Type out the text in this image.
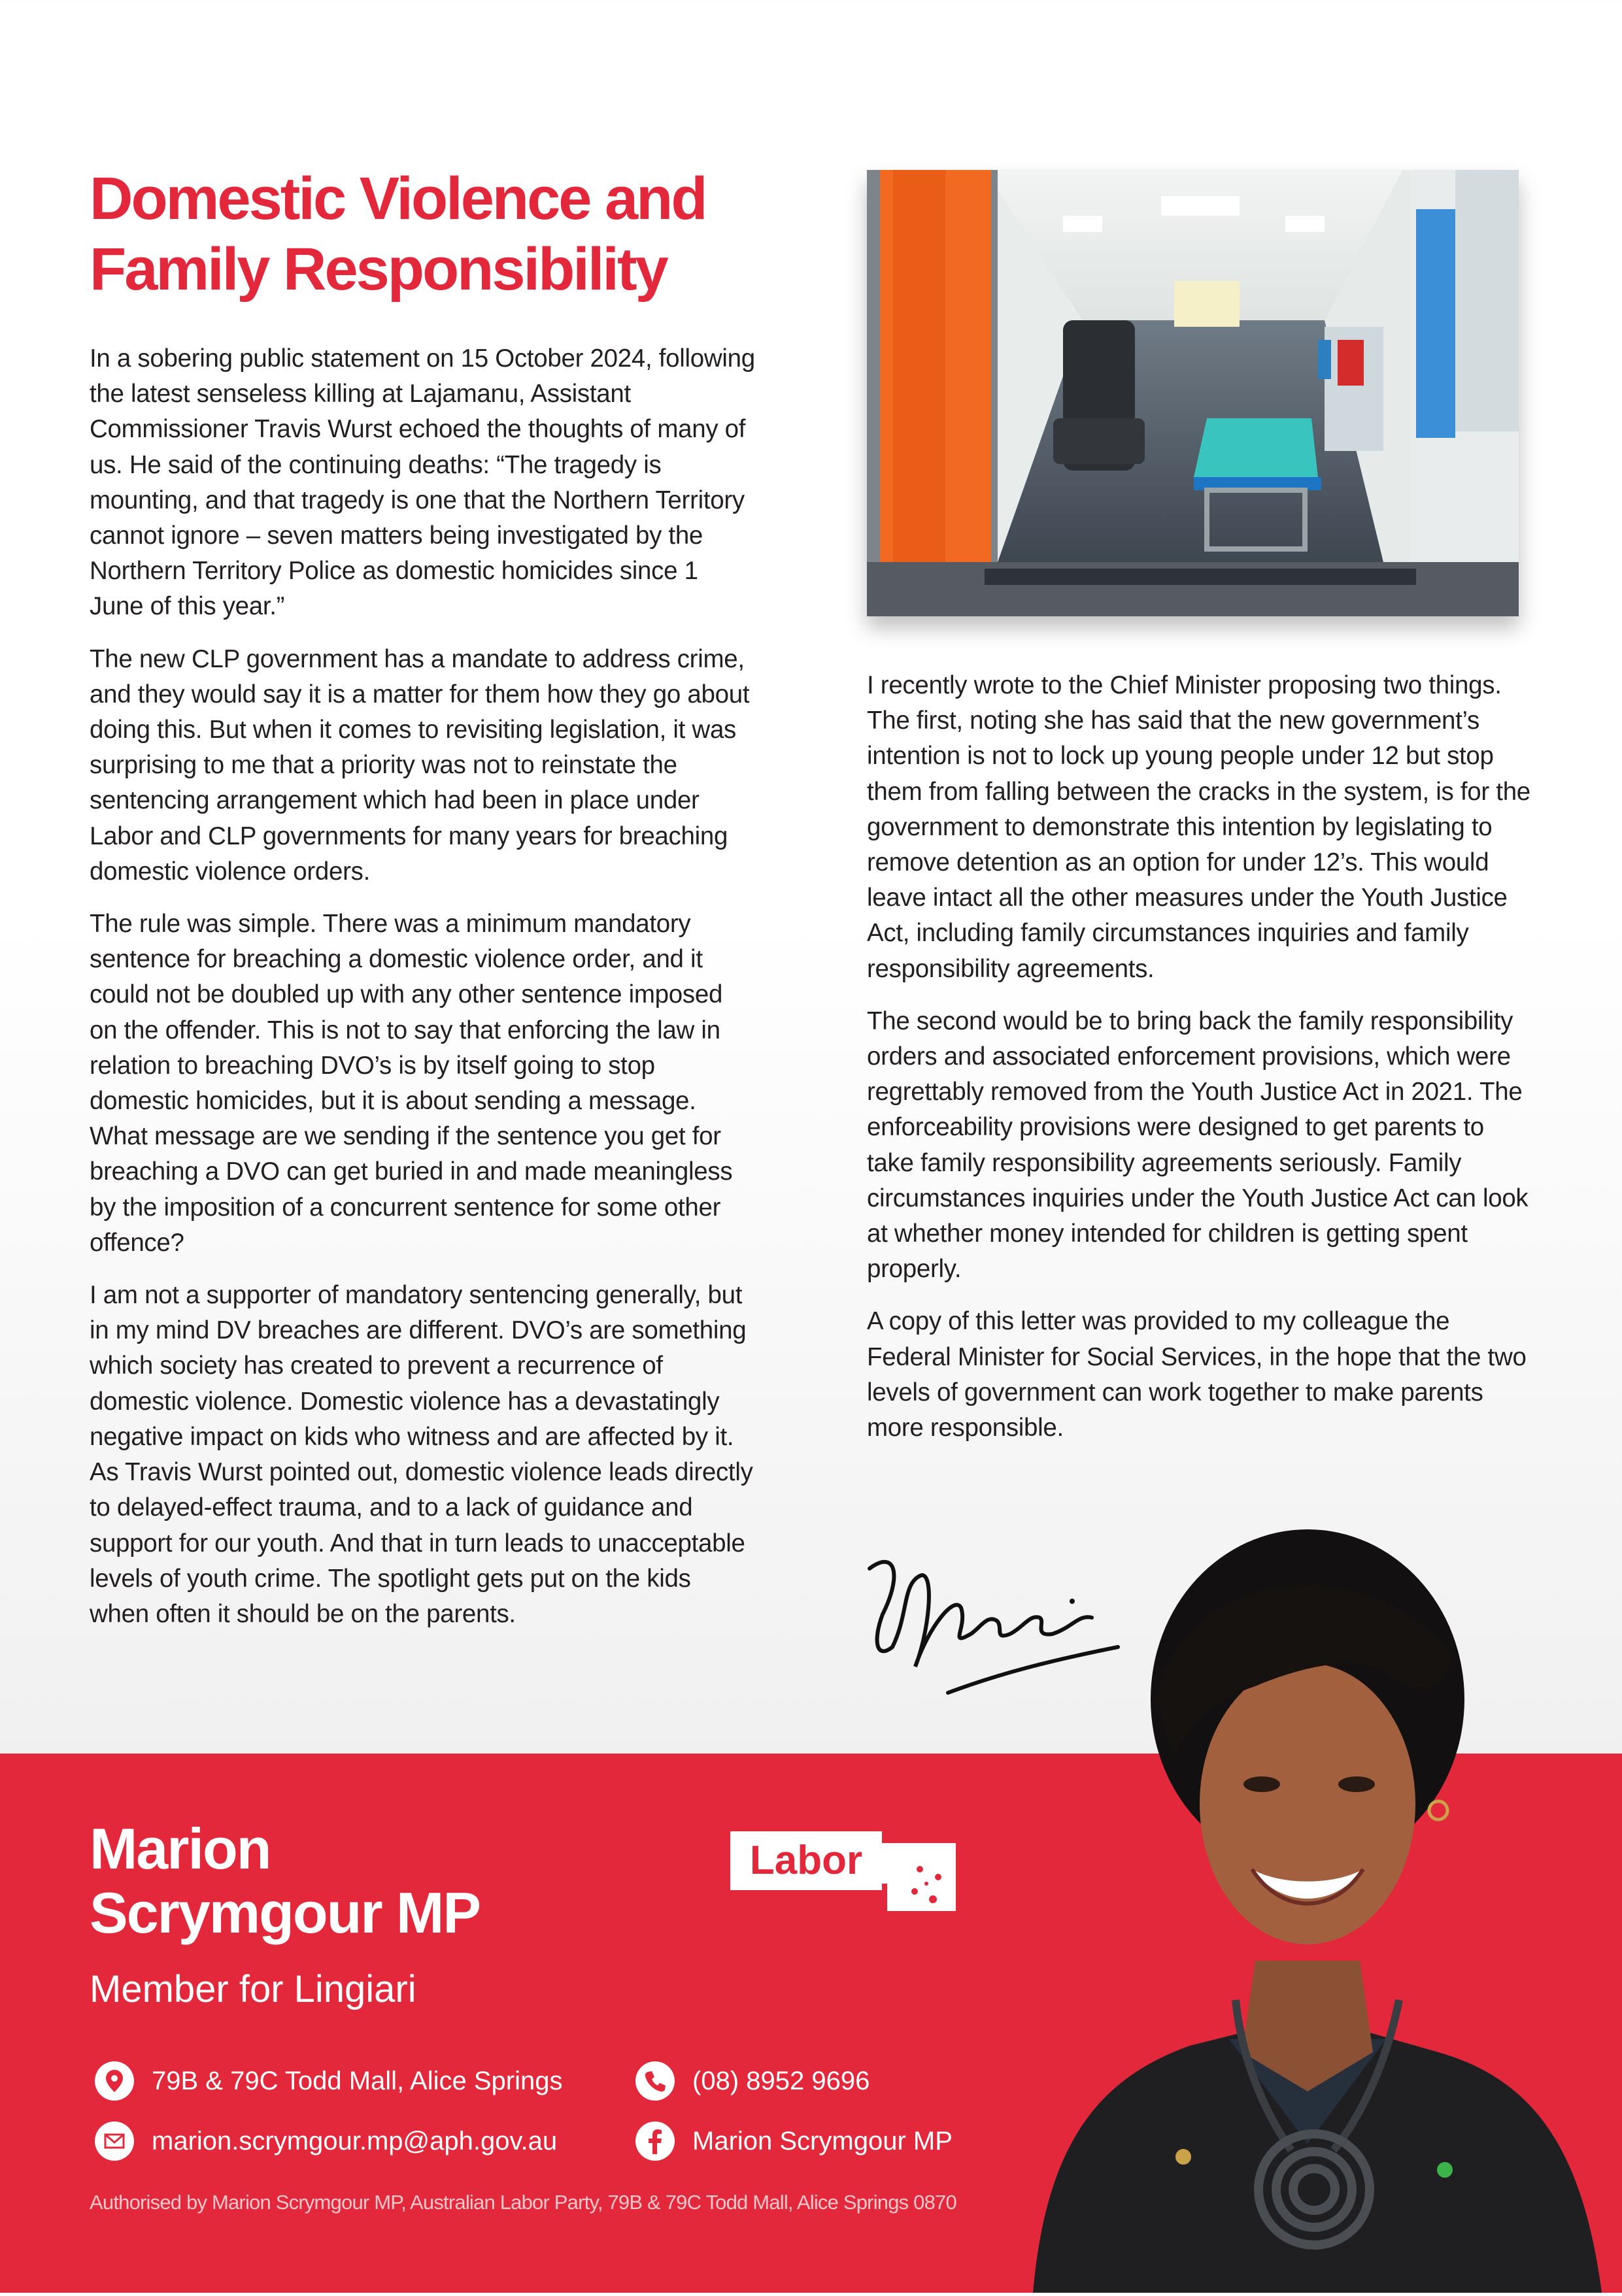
Domestic Violence and
Family Responsibility

In a sobering public statement on 15 October 2024, following the latest senseless killing at Lajamanu, Assistant Commissioner Travis Wurst echoed the thoughts of many of us. He said of the continuing deaths: “The tragedy is mounting, and that tragedy is one that the Northern Territory cannot ignore – seven matters being investigated by the Northern Territory Police as domestic homicides since 1 June of this year.”

The new CLP government has a mandate to address crime, and they would say it is a matter for them how they go about doing this. But when it comes to revisiting legislation, it was surprising to me that a priority was not to reinstate the sentencing arrangement which had been in place under Labor and CLP governments for many years for breaching domestic violence orders.

The rule was simple. There was a minimum mandatory sentence for breaching a domestic violence order, and it could not be doubled up with any other sentence imposed on the offender. This is not to say that enforcing the law in relation to breaching DVO’s is by itself going to stop domestic homicides, but it is about sending a message. What message are we sending if the sentence you get for breaching a DVO can get buried in and made meaningless by the imposition of a concurrent sentence for some other offence?

I am not a supporter of mandatory sentencing generally, but in my mind DV breaches are different. DVO’s are something which society has created to prevent a recurrence of domestic violence. Domestic violence has a devastatingly negative impact on kids who witness and are affected by it. As Travis Wurst pointed out, domestic violence leads directly to delayed-effect trauma, and to a lack of guidance and support for our youth. And that in turn leads to unacceptable levels of youth crime. The spotlight gets put on the kids when often it should be on the parents.

I recently wrote to the Chief Minister proposing two things. The first, noting she has said that the new government’s intention is not to lock up young people under 12 but stop them from falling between the cracks in the system, is for the government to demonstrate this intention by legislating to remove detention as an option for under 12’s. This would leave intact all the other measures under the Youth Justice Act, including family circumstances inquiries and family responsibility agreements.

The second would be to bring back the family responsibility orders and associated enforcement provisions, which were regrettably removed from the Youth Justice Act in 2021. The enforceability provisions were designed to get parents to take family responsibility agreements seriously. Family circumstances inquiries under the Youth Justice Act can look at whether money intended for children is getting spent properly.

A copy of this letter was provided to my colleague the Federal Minister for Social Services, in the hope that the two levels of government can work together to make parents more responsible.

Marion
Scrymgour MP

Member for Lingiari

Labor
79B & 79C Todd Mall, Alice Springs	(08) 8952 9696
marion.scrymgour.mp@aph.gov.au	Marion Scrymgour MP
Authorised by Marion Scrymgour MP, Australian Labor Party, 79B & 79C Todd Mall, Alice Springs 0870
